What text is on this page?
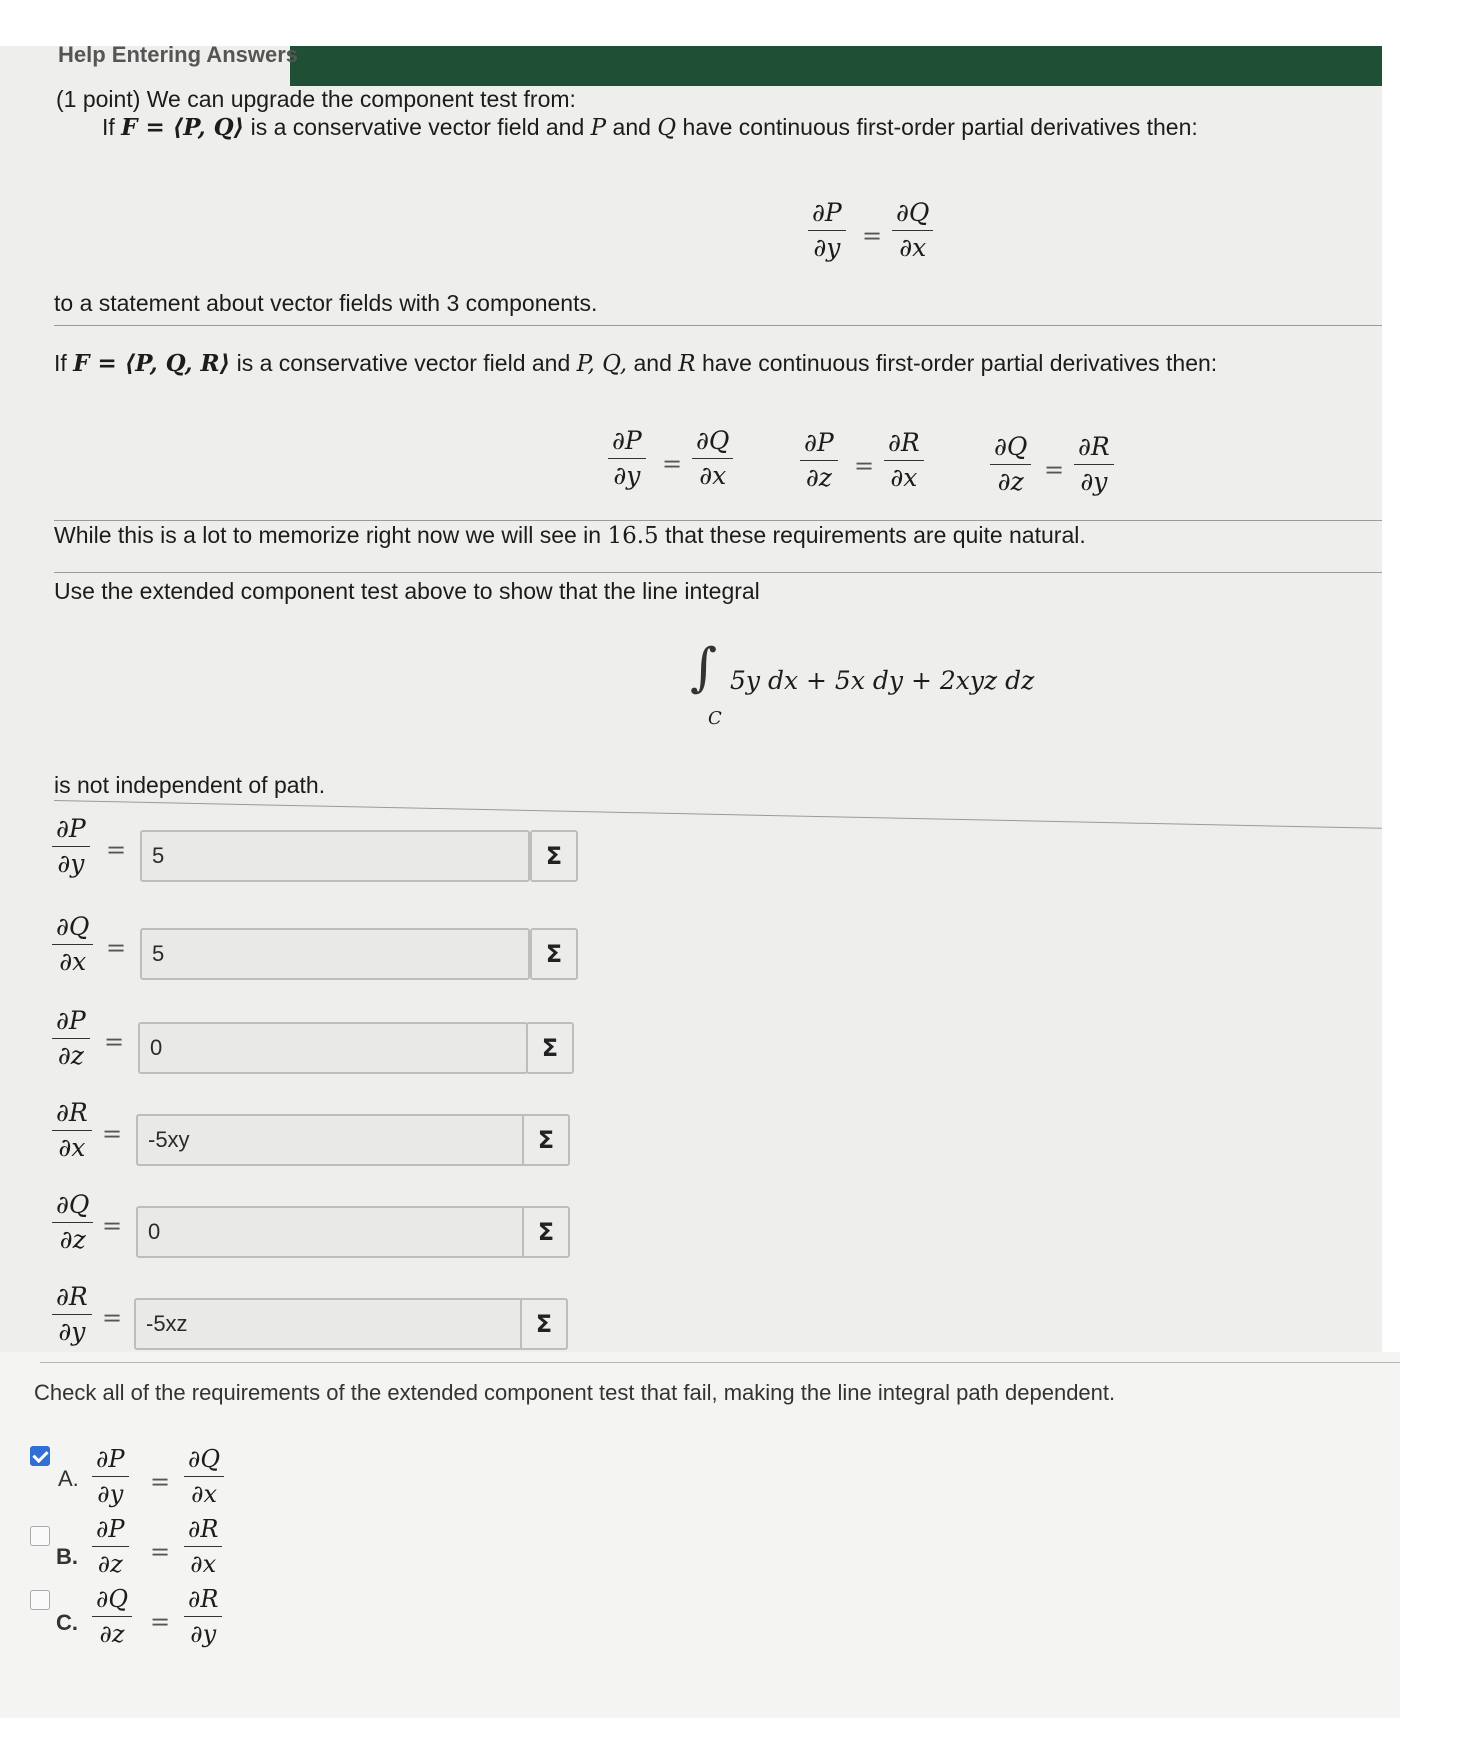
Help Entering Answers
(1 point) We can upgrade the component test from:
If F = ⟨P, Q⟩ is a conservative vector field and P and Q have continuous first-order partial derivatives then:
$\frac{\partial P}{\partial y} = \frac{\partial Q}{\partial x}$
to a statement about vector fields with 3 components.
If F = ⟨P, Q, R⟩ is a conservative vector field and P, Q, and R have continuous first-order partial derivatives then:
$\frac{\partial P}{\partial y} = \frac{\partial Q}{\partial x}$	$\frac{\partial P}{\partial z} = \frac{\partial R}{\partial x}$	$\frac{\partial Q}{\partial z} = \frac{\partial R}{\partial y}$
While this is a lot to memorize right now we will see in 16.5 that these requirements are quite natural.
Use the extended component test above to show that the line integral
∫
C
5y dx + 5x dy + 2xyz dz
is not independent of path.
$\frac{\partial P}{\partial y}$ =
5	Σ
$\frac{\partial Q}{\partial x}$ =
5	Σ
$\frac{\partial P}{\partial z}$ =
0	Σ
$\frac{\partial R}{\partial x}$ =
-5xy	Σ
$\frac{\partial Q}{\partial z}$ =
0	Σ
$\frac{\partial R}{\partial y}$ =
-5xz	Σ
Check all of the requirements of the extended component test that fail, making the line integral path dependent.
A. $\frac{\partial P}{\partial y} = \frac{\partial Q}{\partial x}$
B. $\frac{\partial P}{\partial z} = \frac{\partial R}{\partial x}$
C. $\frac{\partial Q}{\partial z} = \frac{\partial R}{\partial y}$
